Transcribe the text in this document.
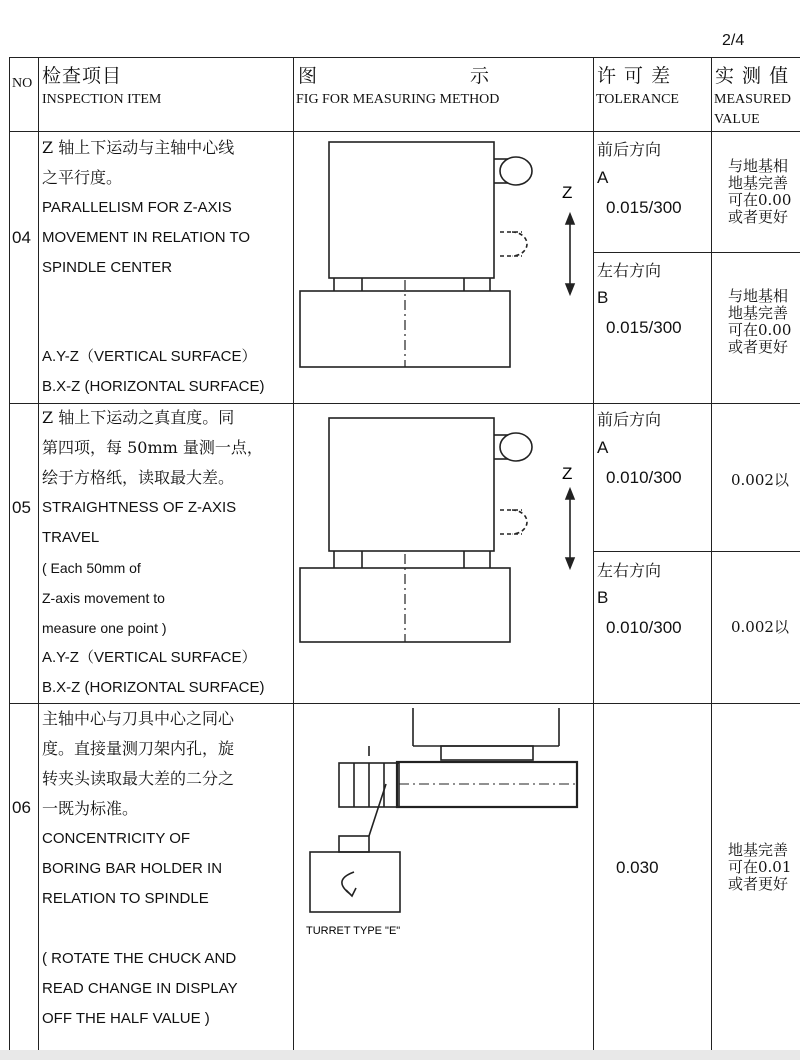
2/4
NO 检查项目
INSPECTION ITEM
图	示
FIG FOR MEASURING METHOD
许 可 差
TOLERANCE
实 测 值
MEASURED
VALUE
04
Z 轴上下运动与主轴中心线
之平行度。
PARALLELISM FOR Z-AXIS
MOVEMENT IN RELATION TO
SPINDLE CENTER
A.Y-Z（VERTICAL SURFACE）
B.X-Z (HORIZONTAL SURFACE)
Z
前后方向
A
0.015/300
左右方向
B
0.015/300
与地基相
地基完善
可在0.00
或者更好
与地基相
地基完善
可在0.00
或者更好
05
Z 轴上下运动之真直度。同
第四项，每 50mm 量测一点，
绘于方格纸，读取最大差。
STRAIGHTNESS OF Z-AXIS
TRAVEL
( Each 50mm of
Z-axis movement to
measure one point )
A.Y-Z（VERTICAL SURFACE）
B.X-Z (HORIZONTAL SURFACE)
Z
前后方向
A
0.010/300
左右方向
B
0.010/300
0.002以
0.002以
06
主轴中心与刀具中心之同心
度。直接量测刀架内孔，旋
转夹头读取最大差的二分之
一既为标准。
CONCENTRICITY OF
BORING BAR HOLDER IN
RELATION TO SPINDLE
( ROTATE THE CHUCK AND
READ CHANGE IN DISPLAY
OFF THE HALF VALUE )
TURRET TYPE "E"
0.030
地基完善
可在0.01
或者更好
